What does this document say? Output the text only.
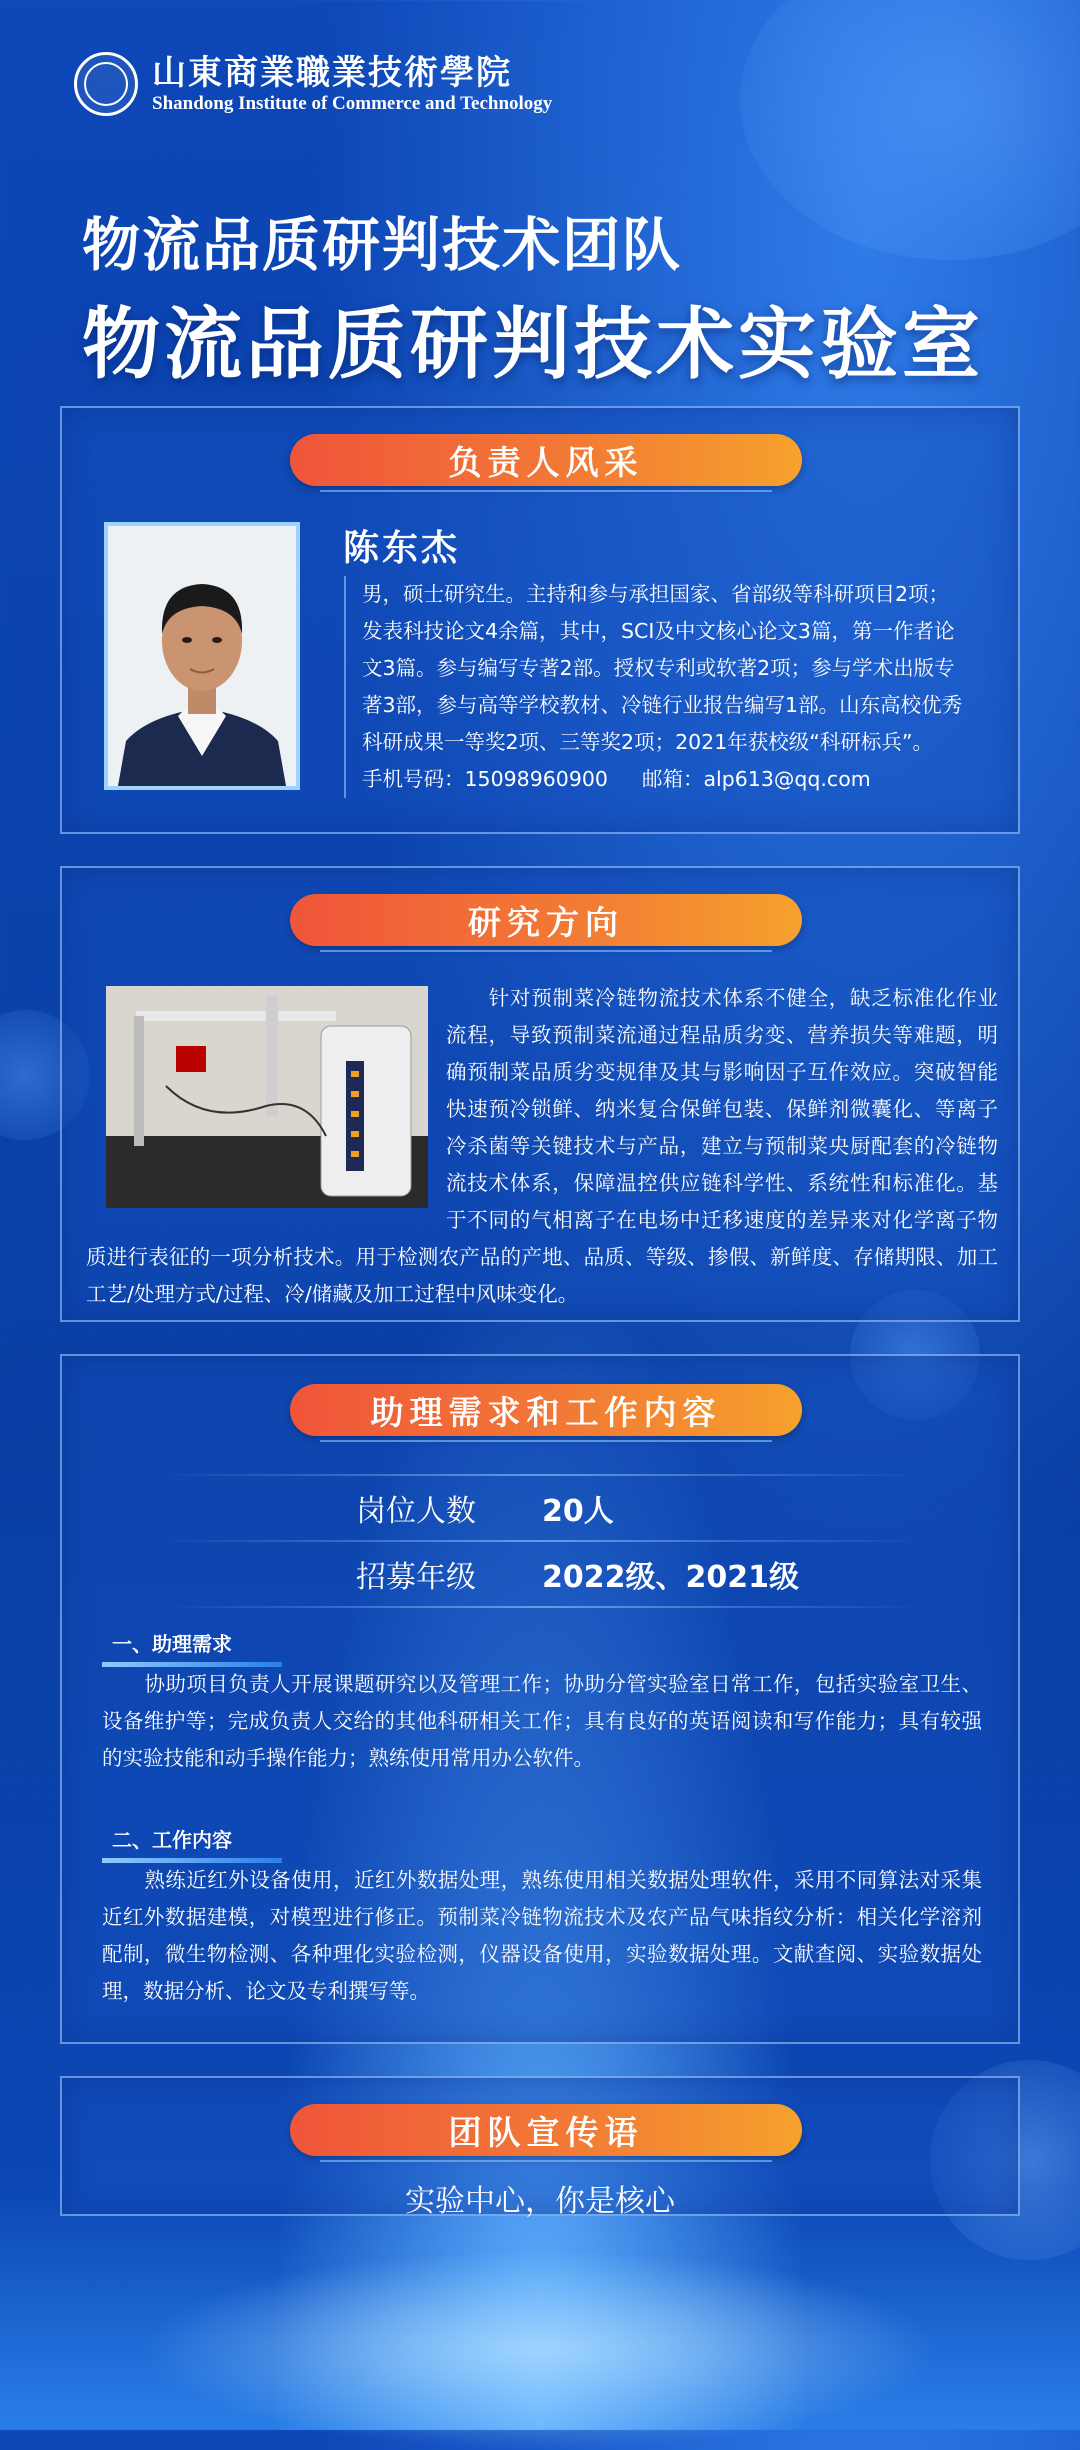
山東商業職業技術學院
Shandong Institute of Commerce and Technology
物流品质研判技术团队
物流品质研判技术实验室
负责人风采
陈东杰

男，硕士研究生。主持和参与承担国家、省部级等科研项目2项；

发表科技论文4余篇，其中，SCI及中文核心论文3篇，第一作者论

文3篇。参与编写专著2部。授权专利或软著2项；参与学术出版专

著3部，参与高等学校教材、冷链行业报告编写1部。山东高校优秀

科研成果一等奖2项、三等奖2项；2021年获校级“科研标兵”。

手机号码：15098960900 邮箱：alp613@qq.com

研究方向
针对预制菜冷链物流技术体系不健全，缺乏标准化作业流程，导致预制菜流通过程品质劣变、营养损失等难题，明确预制菜品质劣变规律及其与影响因子互作效应。突破智能快速预冷锁鲜、纳米复合保鲜包装、保鲜剂微囊化、等离子冷杀菌等关键技术与产品，建立与预制菜央厨配套的冷链物流技术体系，保障温控供应链科学性、系统性和标准化。基于不同的气相离子在电场中迁移速度的差异来对化学离子物质进行表征的一项分析技术。用于检测农产品的产地、品质、等级、掺假、新鲜度、存储期限、加工工艺/处理方式/过程、冷/储藏及加工过程中风味变化。
助理需求和工作内容
岗位人数	20人
招募年级	2022级、2021级
一、助理需求
协助项目负责人开展课题研究以及管理工作；协助分管实验室日常工作，包括实验室卫生、设备维护等；完成负责人交给的其他科研相关工作；具有良好的英语阅读和写作能力；具有较强的实验技能和动手操作能力；熟练使用常用办公软件。
二、工作内容
熟练近红外设备使用，近红外数据处理，熟练使用相关数据处理软件，采用不同算法对采集近红外数据建模，对模型进行修正。预制菜冷链物流技术及农产品气味指纹分析：相关化学溶剂配制，微生物检测、各种理化实验检测，仪器设备使用，实验数据处理。文献查阅、实验数据处理，数据分析、论文及专利撰写等。
团队宣传语
实验中心，你是核心
